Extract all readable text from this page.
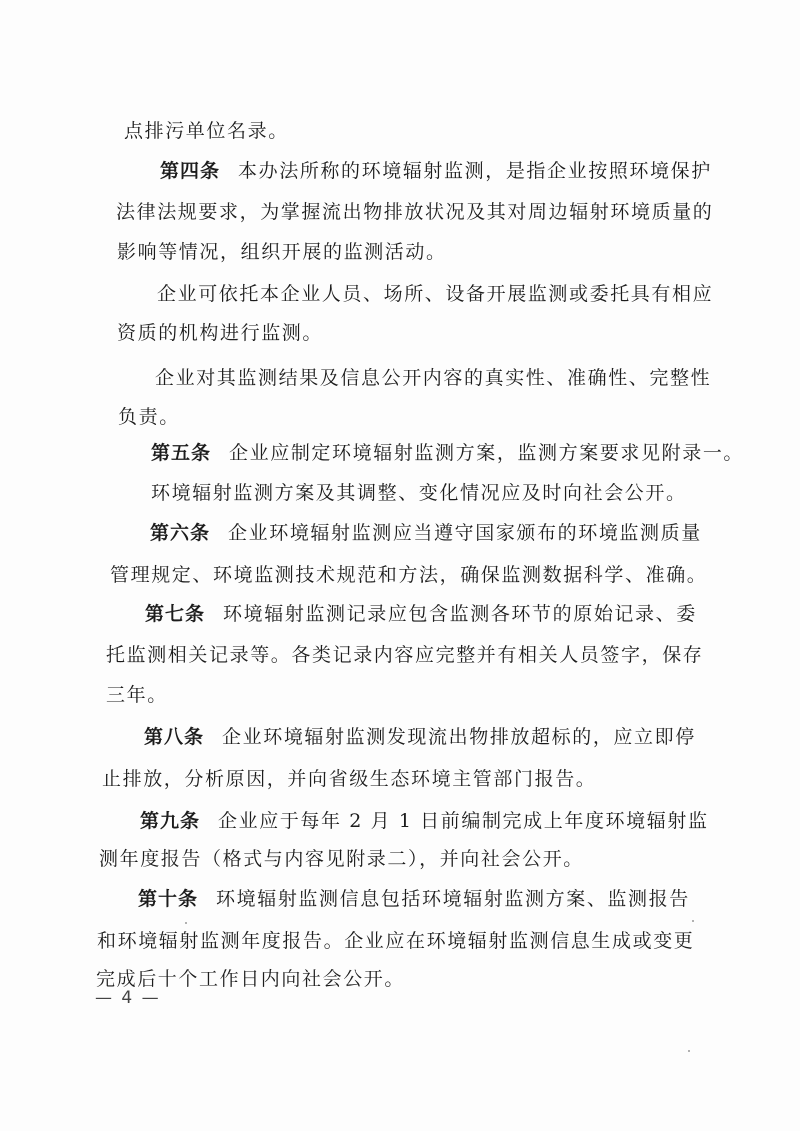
点排污单位名录。
第四条 本办法所称的环境辐射监测，是指企业按照环境保护
法律法规要求，为掌握流出物排放状况及其对周边辐射环境质量的
影响等情况，组织开展的监测活动。
企业可依托本企业人员、场所、设备开展监测或委托具有相应
资质的机构进行监测。
企业对其监测结果及信息公开内容的真实性、准确性、完整性
负责。
第五条 企业应制定环境辐射监测方案，监测方案要求见附录一。
环境辐射监测方案及其调整、变化情况应及时向社会公开。
第六条 企业环境辐射监测应当遵守国家颁布的环境监测质量
管理规定、环境监测技术规范和方法，确保监测数据科学、准确。
第七条 环境辐射监测记录应包含监测各环节的原始记录、委
托监测相关记录等。各类记录内容应完整并有相关人员签字，保存
三年。
第八条 企业环境辐射监测发现流出物排放超标的，应立即停
止排放，分析原因，并向省级生态环境主管部门报告。
第九条 企业应于每年 2 月 1 日前编制完成上年度环境辐射监
测年度报告（格式与内容见附录二），并向社会公开。
第十条 环境辐射监测信息包括环境辐射监测方案、监测报告
和环境辐射监测年度报告。企业应在环境辐射监测信息生成或变更
完成后十个工作日内向社会公开。
— 4 —
